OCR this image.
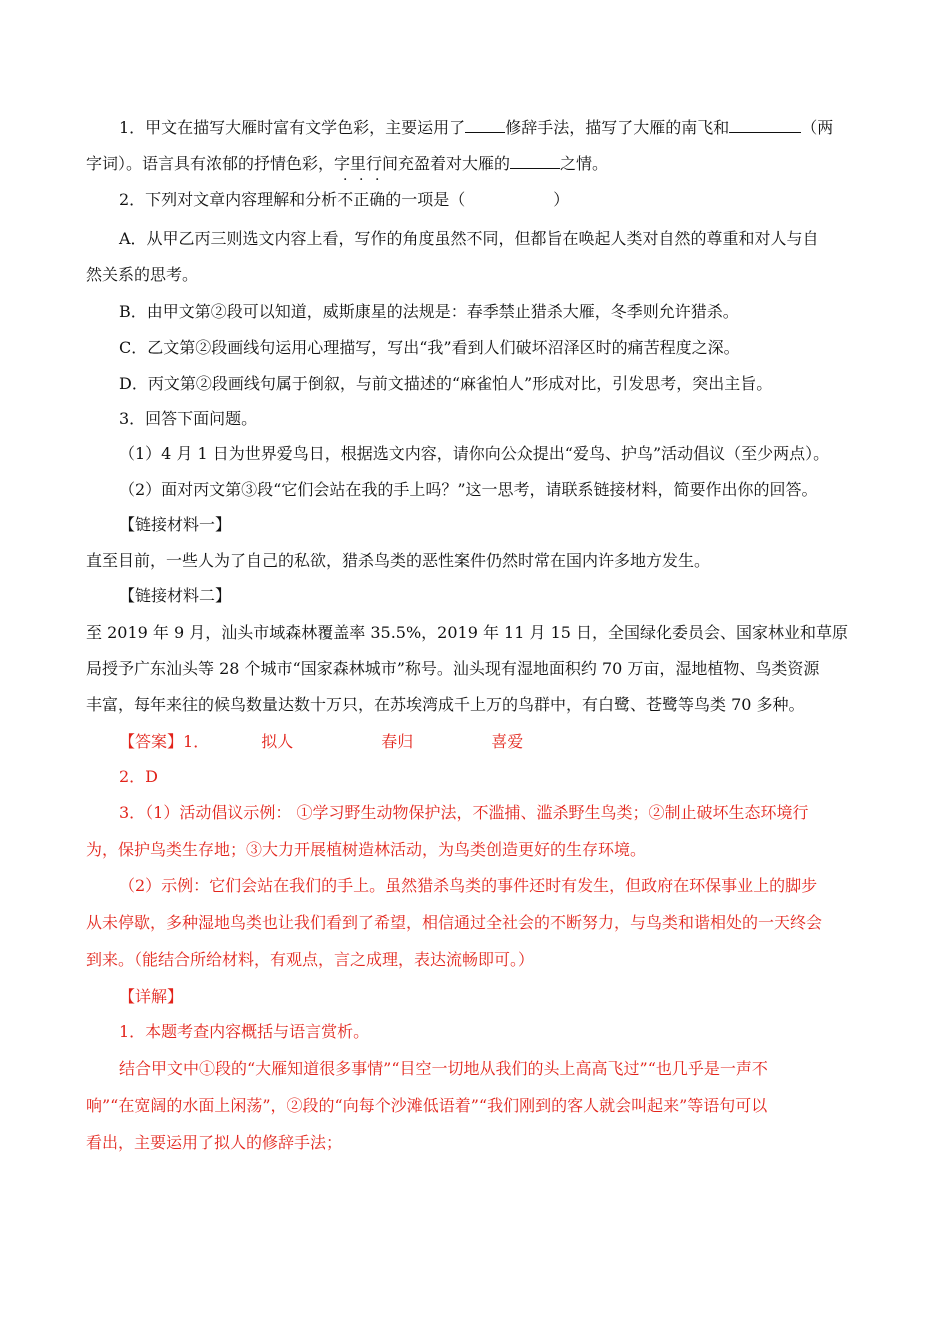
1．甲文在描写大雁时富有文学色彩，主要运用了	修辞手法，描写了大雁的南飞和	（两
字词）。语言具有浓郁的抒情色彩，字里行间充盈着对大雁的	之情。
2．下列对文章内容理解和分析不正确的一项是（	）
A．从甲乙丙三则选文内容上看，写作的角度虽然不同，但都旨在唤起人类对自然的尊重和对人与自
然关系的思考。
B．由甲文第②段可以知道，威斯康星的法规是：春季禁止猎杀大雁，冬季则允许猎杀。
C．乙文第②段画线句运用心理描写，写出“我”看到人们破坏沼泽区时的痛苦程度之深。
D．丙文第②段画线句属于倒叙，与前文描述的“麻雀怕人”形成对比，引发思考，突出主旨。
3．回答下面问题。
（1）4 月 1 日为世界爱鸟日，根据选文内容，请你向公众提出“爱鸟、护鸟”活动倡议（至少两点）。
（2）面对丙文第③段“它们会站在我的手上吗？”这一思考，请联系链接材料，简要作出你的回答。
【链接材料一】
直至目前，一些人为了自己的私欲，猎杀鸟类的恶性案件仍然时常在国内许多地方发生。
【链接材料二】
至 2019 年 9 月，汕头市域森林覆盖率 35.5%，2019 年 11 月 15 日，全国绿化委员会、国家林业和草原
局授予广东汕头等 28 个城市“国家森林城市”称号。汕头现有湿地面积约 70 万亩，湿地植物、鸟类资源
丰富，每年来往的候鸟数量达数十万只，在苏埃湾成千上万的鸟群中，有白鹭、苍鹭等鸟类 70 多种。
【答案】1．	拟人	春归	喜爱
2．D
3．（1）活动倡议示例： ①学习野生动物保护法，不滥捕、滥杀野生鸟类；②制止破坏生态环境行
为，保护鸟类生存地；③大力开展植树造林活动，为鸟类创造更好的生存环境。
（2）示例：它们会站在我们的手上。虽然猎杀鸟类的事件还时有发生，但政府在环保事业上的脚步
从未停歇，多种湿地鸟类也让我们看到了希望，相信通过全社会的不断努力，与鸟类和谐相处的一天终会
到来。（能结合所给材料，有观点，言之成理，表达流畅即可。）
【详解】
1．本题考查内容概括与语言赏析。
结合甲文中①段的“大雁知道很多事情”“目空一切地从我们的头上高高飞过”“也几乎是一声不
响”“在宽阔的水面上闲荡”，②段的“向每个沙滩低语着”“我们刚到的客人就会叫起来”等语句可以
看出，主要运用了拟人的修辞手法；
